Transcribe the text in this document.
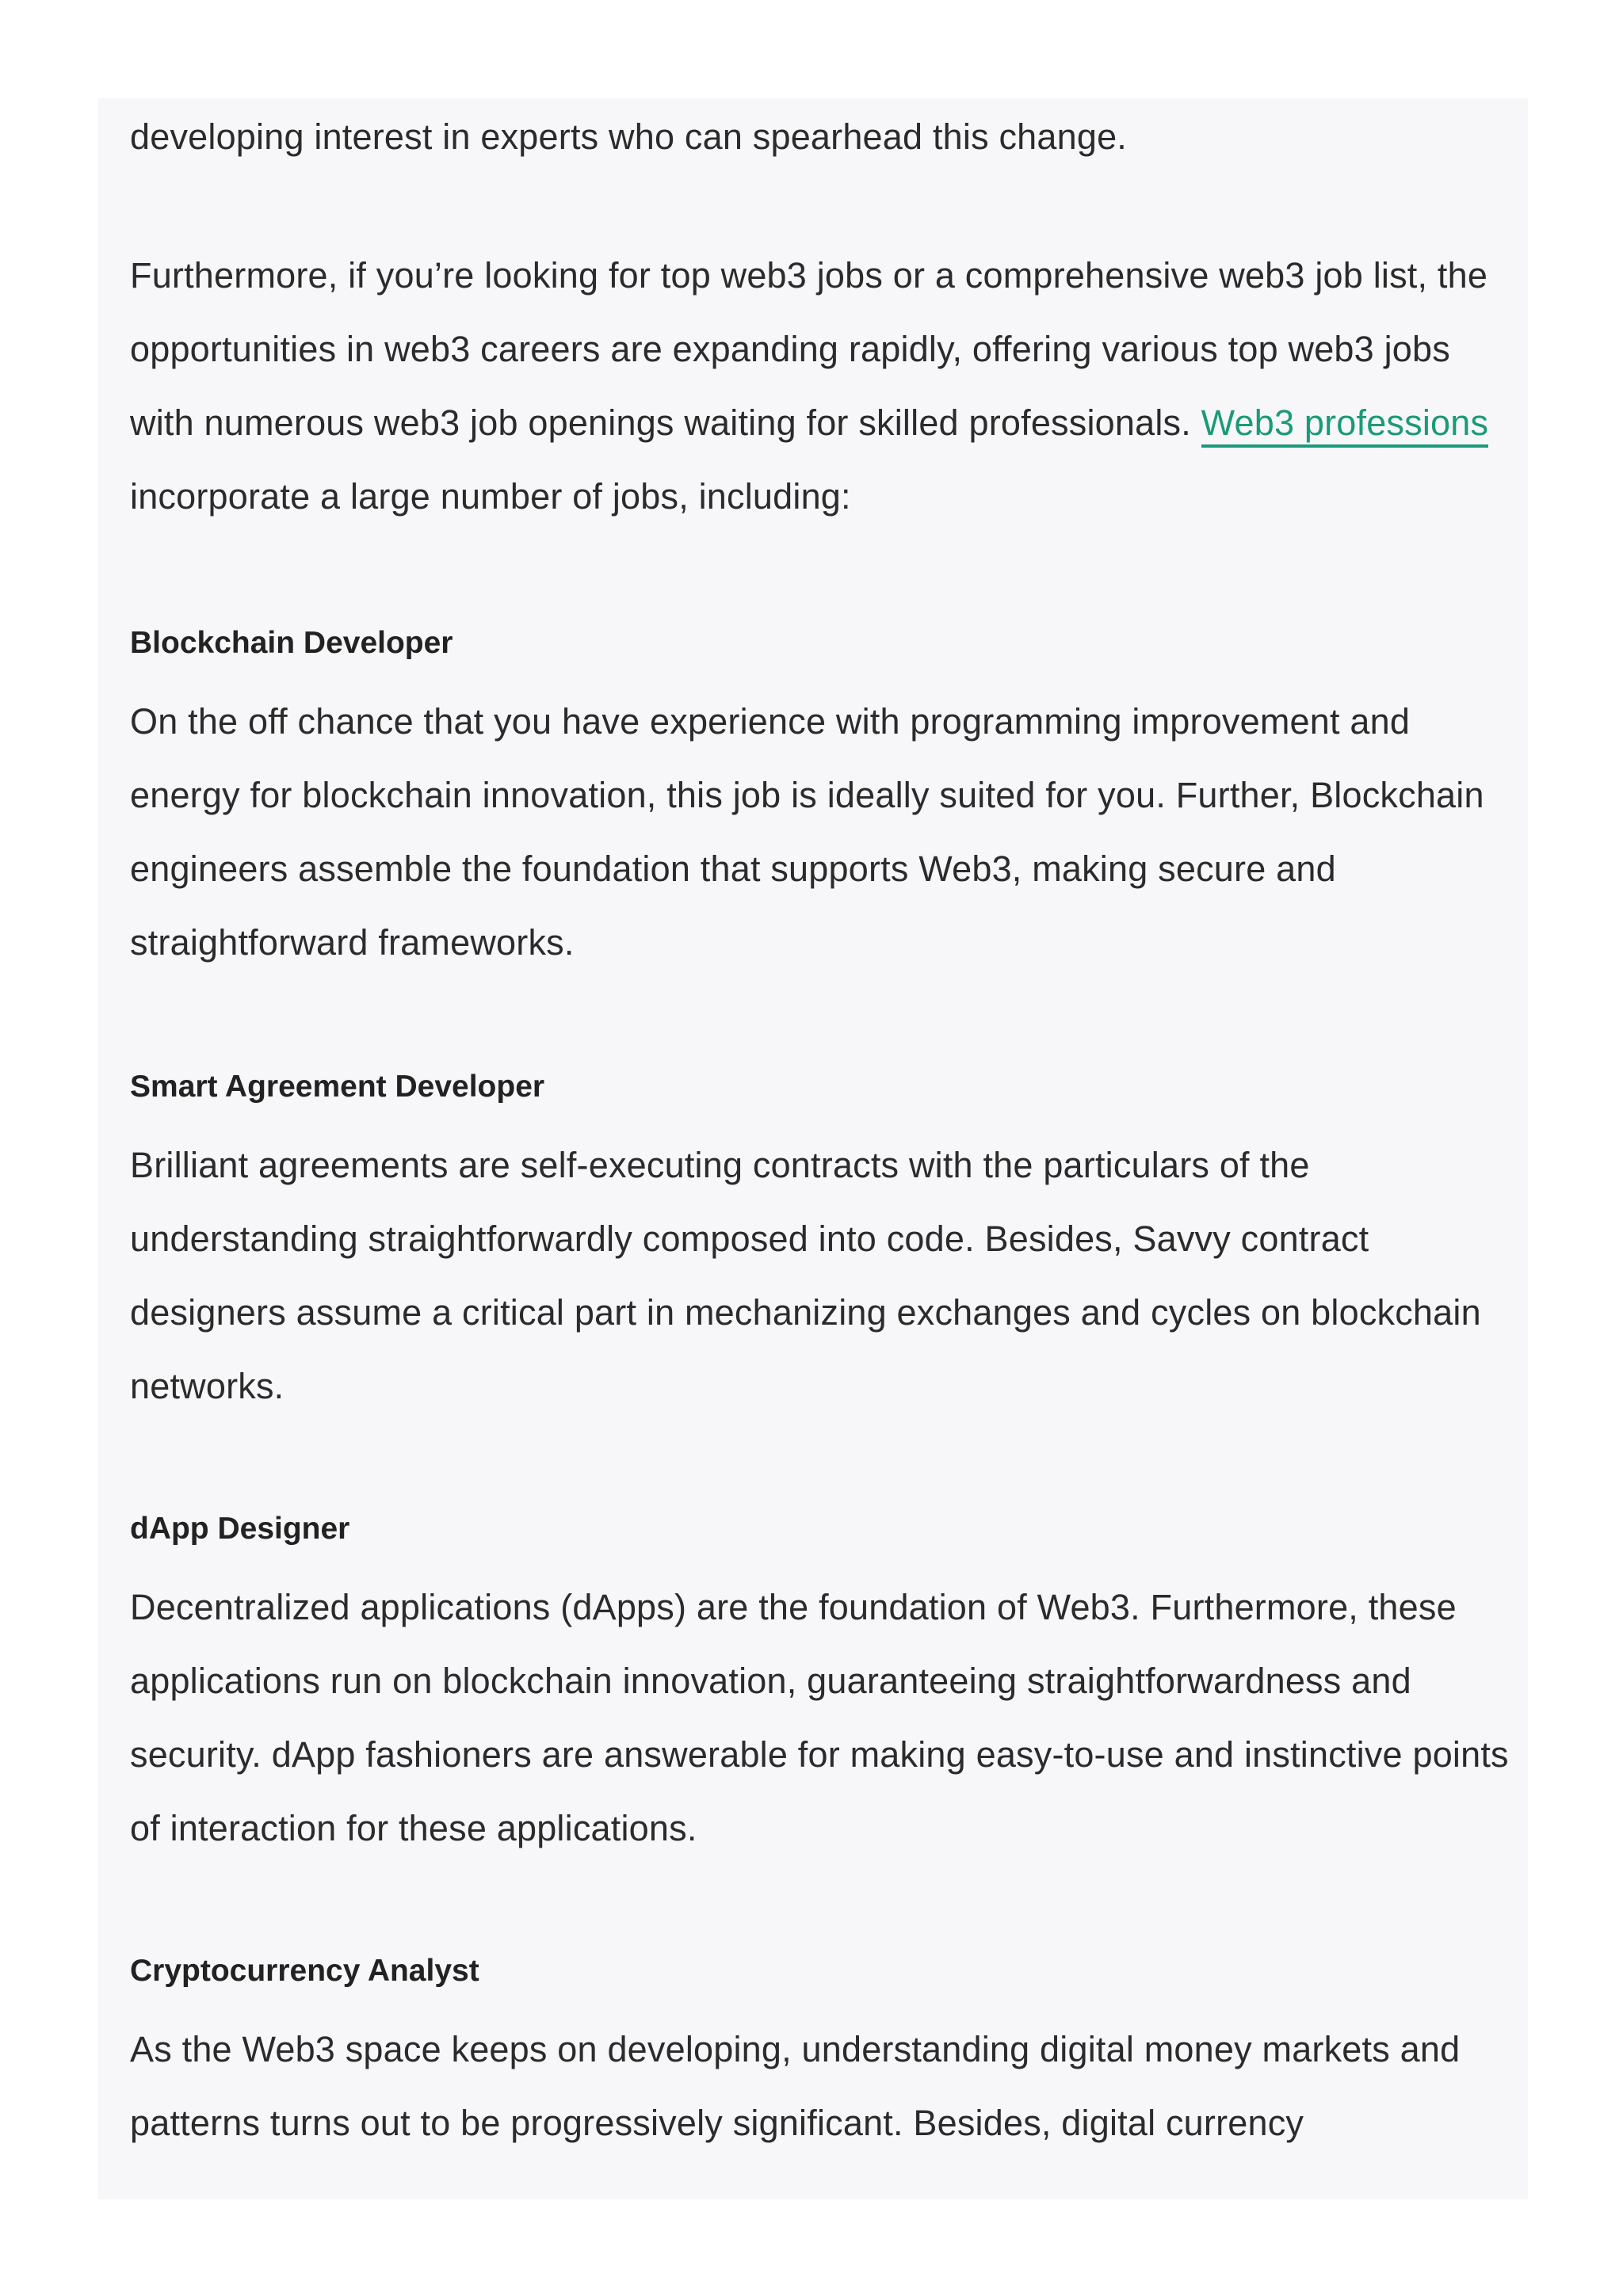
developing interest in experts who can spearhead this change.

Furthermore, if you’re looking for top web3 jobs or a comprehensive web3 job list, the opportunities in web3 careers are expanding rapidly, offering various top web3 jobs with numerous web3 job openings waiting for skilled professionals. Web3 professions incorporate a large number of jobs, including:

Blockchain Developer

On the off chance that you have experience with programming improvement and energy for blockchain innovation, this job is ideally suited for you. Further, Blockchain engineers assemble the foundation that supports Web3, making secure and straightforward frameworks.

Smart Agreement Developer

Brilliant agreements are self-executing contracts with the particulars of the understanding straightforwardly composed into code. Besides, Savvy contract designers assume a critical part in mechanizing exchanges and cycles on blockchain networks.

dApp Designer

Decentralized applications (dApps) are the foundation of Web3. Furthermore, these applications run on blockchain innovation, guaranteeing straightforwardness and security. dApp fashioners are answerable for making easy-to-use and instinctive points of interaction for these applications.

Cryptocurrency Analyst

As the Web3 space keeps on developing, understanding digital money markets and patterns turns out to be progressively significant. Besides, digital currency
